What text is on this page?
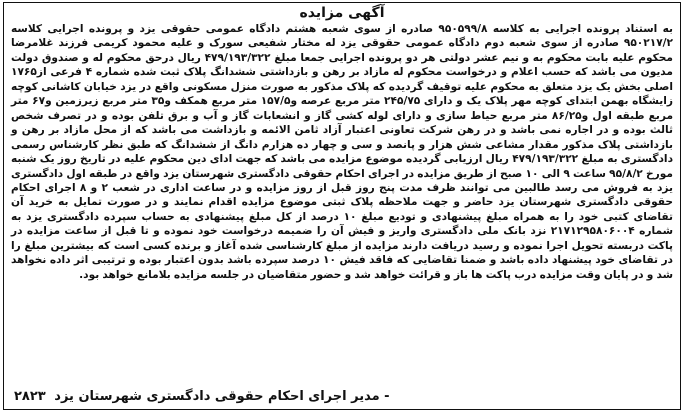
آگهی مزایده
به استناد پرونده اجرایی به کلاسه ۹۵۰۵۹۹/۸ صادره از سوی شعبه هشتم دادگاه عمومی حقوقی یزد و پرونده اجرایی کلاسه ۹۵۰۲۱۷/۲ صادره از سوی شعبه دوم دادگاه عمومی حقوقی یزد له مختار شفیعی سورک و علیه محمود کریمی فرزند غلامرضا محکوم علیه بابت محکوم به و نیم عشر دولتی هر دو پرونده اجرایی جمعا مبلغ ۴۷۹/۱۹۳/۳۲۲ ریال درحق محکوم له و صندوق دولت مدیون می باشد که حسب اعلام و درخواست محکوم له مازاد بر رهن و بازداشتی ششدانگ پلاک ثبت شده شماره ۴ فرعی از۱۷۶۵ اصلی بخش یک یزد متعلق به محکوم علیه توقیف گردیده که پلاک مذکور به صورت منزل مسکونی واقع در یزد خیابان کاشانی کوچه زایشگاه بهمن ابتدای کوچه مهر پلاک یک و دارای ۲۴۵/۷۵ متر مربع عرصه و۱۵۷/۵ متر مربع همکف و۳۵ متر مربع زیرزمین و۶۷ متر مربع طبقه اول و۸۶/۲۵ متر مربع حیاط سازی و دارای لوله کشی گاز و انشعابات گاز و آب و برق تلفن بوده و در تصرف شخص ثالث بوده و در اجاره نمی باشد و در رهن شرکت تعاونی اعتبار آزاد ثامن الائمه و بازداشت می باشد که از محل مازاد بر رهن و بازداشتی پلاک مذکور مقدار مشاعی شش هزار و پانصد و سی و چهار ده هزارم دانگ از ششدانگ که طبق نظر کارشناس رسمی دادگستری به مبلغ ۴۷۹/۱۹۳/۳۲۲ ریال ارزیابی گردیده موضوع مزایده می باشد که جهت ادای دین محکوم علیه در تاریخ روز یک شنبه مورخ ۹۵/۸/۲ ساعت ۹ الی ۱۰ صبح از طریق مزایده در اجرای احکام حقوقی دادگستری شهرستان یزد واقع در طبقه اول دادگستری یزد به فروش می رسد طالبین می توانند ظرف مدت پنج روز قبل از روز مزایده و در ساعت اداری در شعب ۲ و ۸ اجرای احکام حقوقی دادگستری شهرستان یزد حاضر و جهت ملاحظه پلاک ثبتی موضوع مزایده اقدام نمایند و در صورت تمایل به خرید آن تقاضای کتبی خود را به همراه مبلغ پیشنهادی و تودیع مبلغ ۱۰ درصد از کل مبلغ پیشنهادی به حساب سپرده دادگستری یزد به شماره ۲۱۷۱۲۹۵۸۰۶۰۰۴ نزد بانک ملی دادگستری واریز و فیش آن را ضمیمه درخواست خود نموده و تا قبل از ساعت مزایده در پاکت دربسته تحویل اجرا نموده و رسید دریافت دارند مزایده از مبلغ کارشناسی شده آغاز و برنده کسی است که بیشترین مبلغ را در تقاضای خود پیشنهاد داده باشد و ضمنا تقاضایی که فاقد فیش ۱۰ درصد سپرده باشد بدون اعتبار بوده و ترتیبی اثر داده نخواهد شد و در پایان وقت مزایده درب پاکت ها باز و قرائت خواهد شد و حضور متقاضیان در جلسه مزایده بلامانع خواهد بود.
۲۸۲۳ - مدیر اجرای احکام حقوقی دادگستری شهرستان یزد
